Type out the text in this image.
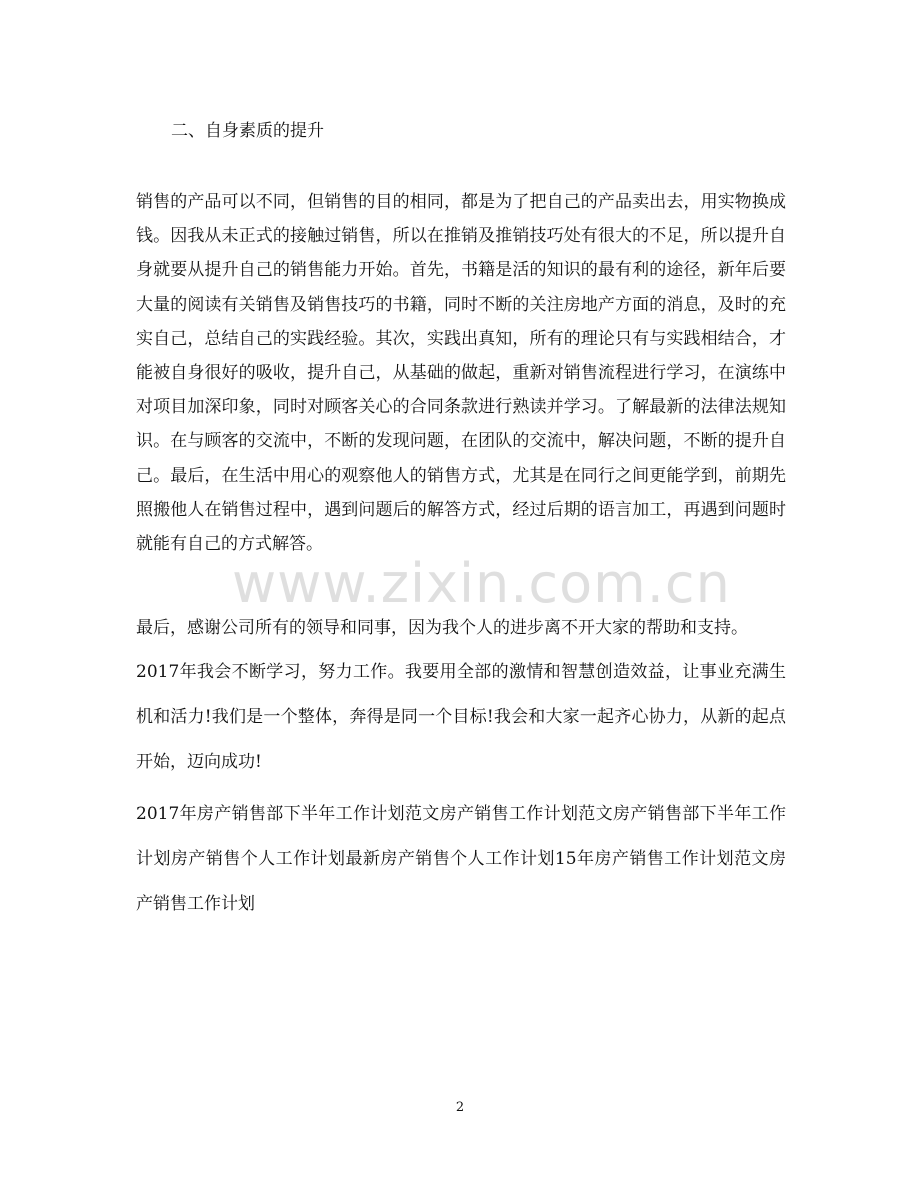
二、自身素质的提升
销售的产品可以不同，但销售的目的相同，都是为了把自己的产品卖出去，用实物换成钱。因我从未正式的接触过销售，所以在推销及推销技巧处有很大的不足，所以提升自身就要从提升自己的销售能力开始。首先，书籍是活的知识的最有利的途径，新年后要大量的阅读有关销售及销售技巧的书籍，同时不断的关注房地产方面的消息，及时的充实自己，总结自己的实践经验。其次，实践出真知，所有的理论只有与实践相结合，才能被自身很好的吸收，提升自己，从基础的做起，重新对销售流程进行学习，在演练中对项目加深印象，同时对顾客关心的合同条款进行熟读并学习。了解最新的法律法规知识。在与顾客的交流中，不断的发现问题，在团队的交流中，解决问题，不断的提升自己。最后，在生活中用心的观察他人的销售方式，尤其是在同行之间更能学到，前期先照搬他人在销售过程中，遇到问题后的解答方式，经过后期的语言加工，再遇到问题时就能有自己的方式解答。
最后，感谢公司所有的领导和同事，因为我个人的进步离不开大家的帮助和支持。
2017年我会不断学习，努力工作。我要用全部的激情和智慧创造效益，让事业充满生机和活力!我们是一个整体，奔得是同一个目标!我会和大家一起齐心协力，从新的起点开始，迈向成功!
2017年房产销售部下半年工作计划范文房产销售工作计划范文房产销售部下半年工作计划房产销售个人工作计划最新房产销售个人工作计划15年房产销售工作计划范文房产销售工作计划
www.zixin.com.cn
2
